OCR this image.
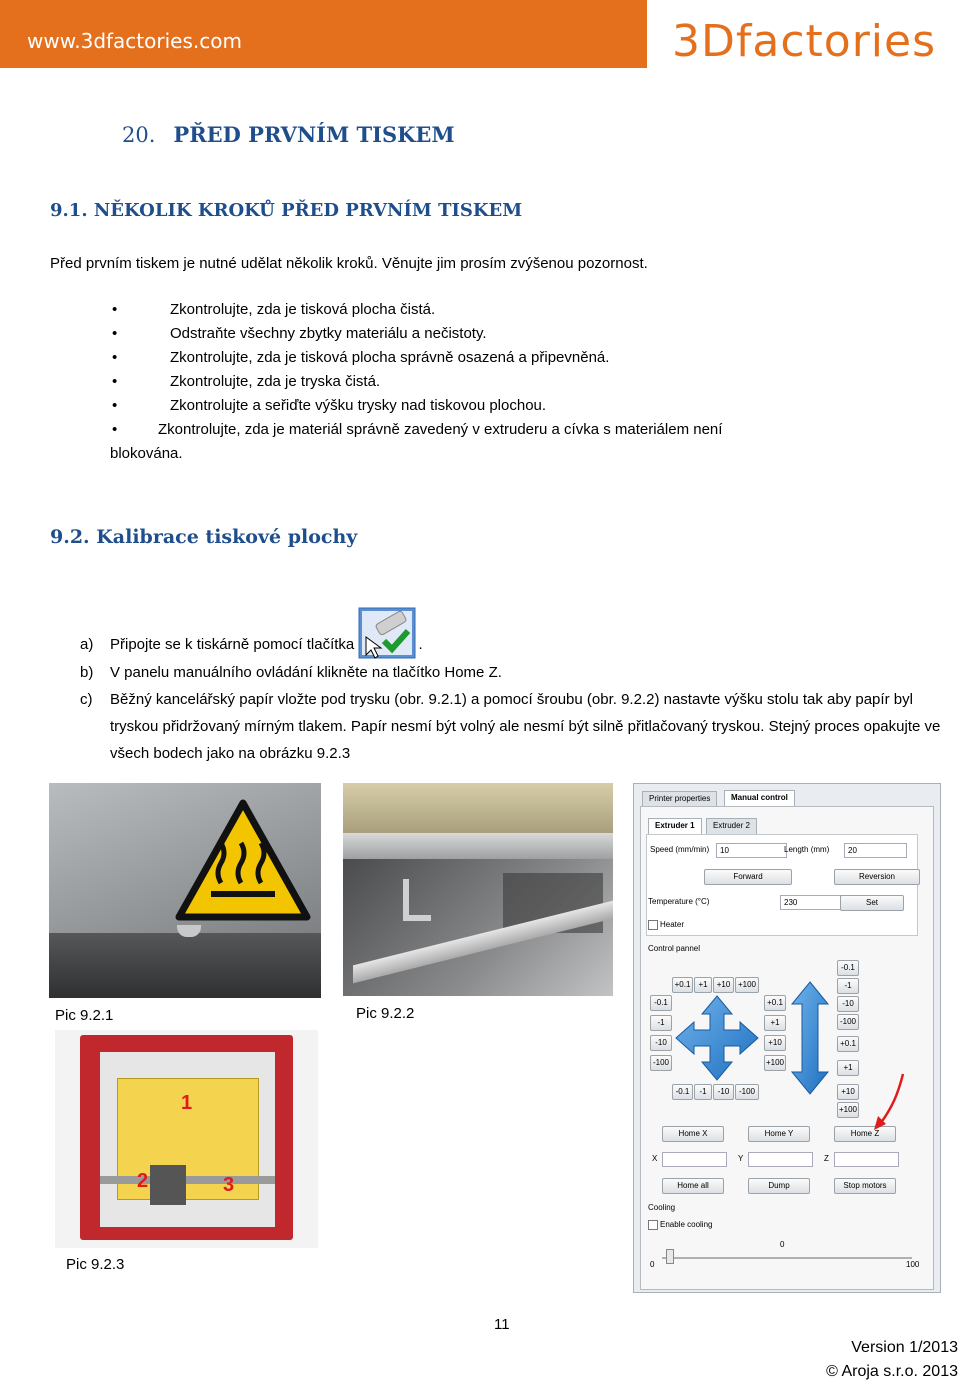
www.3dfactories.com	3Dfactories
20. PŘED PRVNÍM TISKEM
9.1. NĚKOLIK KROKŮ PŘED PRVNÍM TISKEM
Před prvním tiskem je nutné udělat několik kroků. Věnujte jim prosím zvýšenou pozornost.
•	Zkontrolujte, zda je tisková plocha čistá.
•	Odstraňte všechny zbytky materiálu a nečistoty.
•	Zkontrolujte, zda je tisková plocha správně osazená a připevněná.
•	Zkontrolujte, zda je tryska čistá.
•	Zkontrolujte a seřiďte výšku trysky nad tiskovou plochou.
•	Zkontrolujte, zda je materiál správně zavedený v extruderu a cívka s materiálem není
blokována.
9.2. Kalibrace tiskové plochy
a) Připojte se k tiskárně pomocí tlačítka	.
b) V panelu manuálního ovládání klikněte na tlačítko Home Z.
c) Běžný kancelářský papír vložte pod trysku (obr. 9.2.1) a pomocí šroubu (obr. 9.2.2) nastavte výšku stolu tak aby papír byl tryskou přidržovaný mírným tlakem. Papír nesmí být volný ale nesmí být silně přitlačovaný tryskou. Stejný proces opakujte ve všech bodech jako na obrázku 9.2.3
Pic 9.2.1	Pic 9.2.2
1
2	3
Pic 9.2.3
Printer properties	Manual control
Extruder 1	Extruder 2
Speed (mm/min)	10	Length (mm)	20
Forward	Reversion
Temperature (°C)	230	Set
Heater
Control pannel
+0.1	+1	+10 +100
-0.1
-1
-10
-100
+0.1
+1
+10
+100
-0.1	-1	-10	-100
-0.1
-1
-10
-100
+0.1
+1
+10
+100
Home X	Home Y	Home Z
X	Y	Z
Home all	Dump	Stop motors
Cooling
Enable cooling
0
0	100
11
Version 1/2013
© Aroja s.r.o. 2013
